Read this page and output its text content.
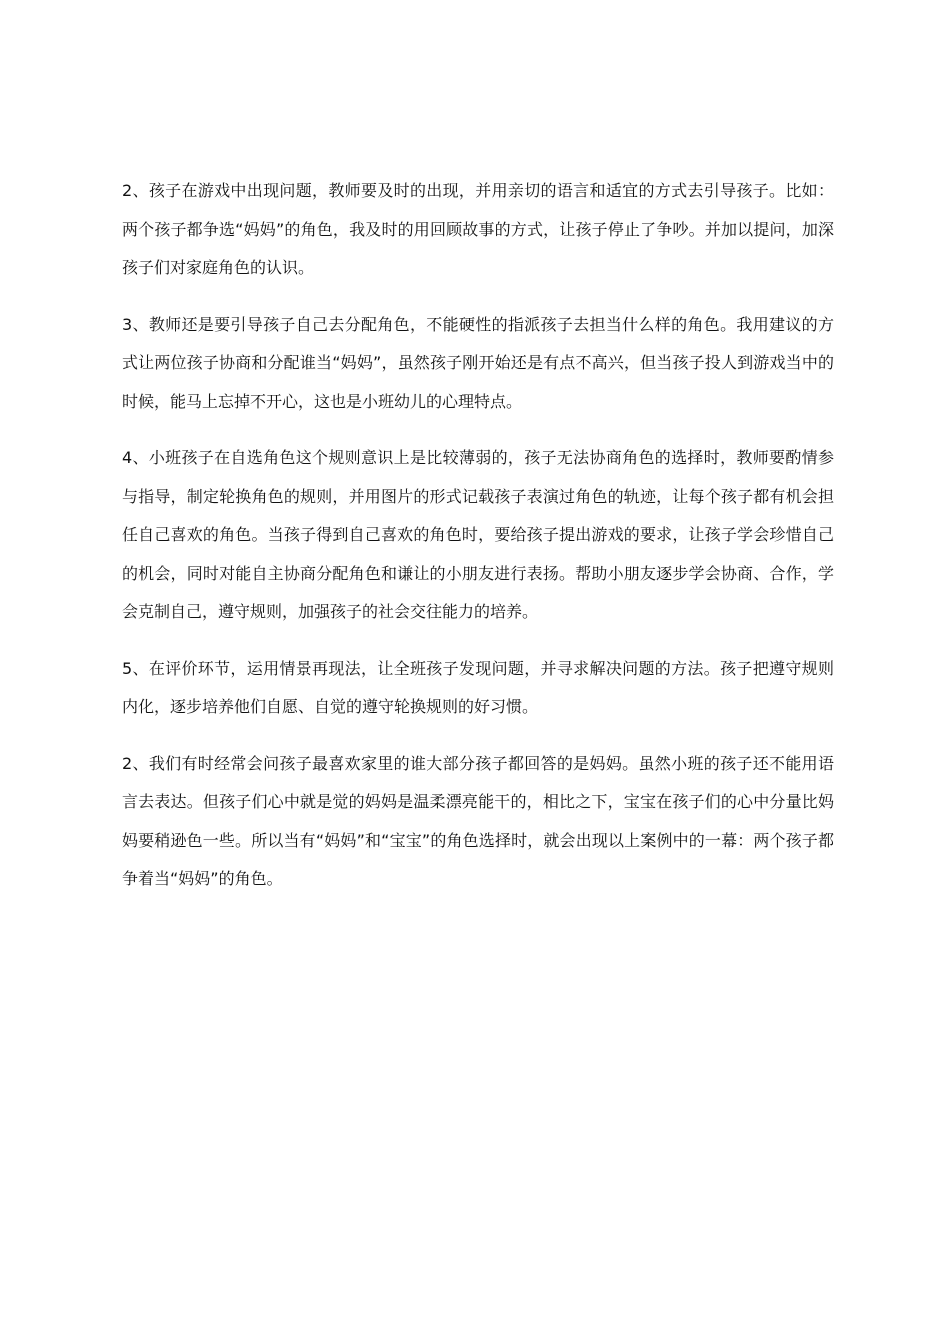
2、孩子在游戏中出现问题，教师要及时的出现，并用亲切的语言和适宜的方式去引导孩子。比如：两个孩子都争选“妈妈”的角色，我及时的用回顾故事的方式，让孩子停止了争吵。并加以提问，加深孩子们对家庭角色的认识。

3、教师还是要引导孩子自己去分配角色，不能硬性的指派孩子去担当什么样的角色。我用建议的方式让两位孩子协商和分配谁当“妈妈”，虽然孩子刚开始还是有点不高兴，但当孩子投人到游戏当中的时候，能马上忘掉不开心，这也是小班幼儿的心理特点。

4、小班孩子在自选角色这个规则意识上是比较薄弱的，孩子无法协商角色的选择时，教师要酌情参与指导，制定轮换角色的规则，并用图片的形式记载孩子表演过角色的轨迹，让每个孩子都有机会担任自己喜欢的角色。当孩子得到自己喜欢的角色时，要给孩子提出游戏的要求，让孩子学会珍惜自己的机会，同时对能自主协商分配角色和谦让的小朋友进行表扬。帮助小朋友逐步学会协商、合作，学会克制自己，遵守规则，加强孩子的社会交往能力的培养。

5、在评价环节，运用情景再现法，让全班孩子发现问题，并寻求解决问题的方法。孩子把遵守规则内化，逐步培养他们自愿、自觉的遵守轮换规则的好习惯。

2、我们有时经常会问孩子最喜欢家里的谁大部分孩子都回答的是妈妈。虽然小班的孩子还不能用语言去表达。但孩子们心中就是觉的妈妈是温柔漂亮能干的，相比之下，宝宝在孩子们的心中分量比妈妈要稍逊色一些。所以当有“妈妈”和“宝宝”的角色选择时，就会出现以上案例中的一幕：两个孩子都争着当“妈妈”的角色。
